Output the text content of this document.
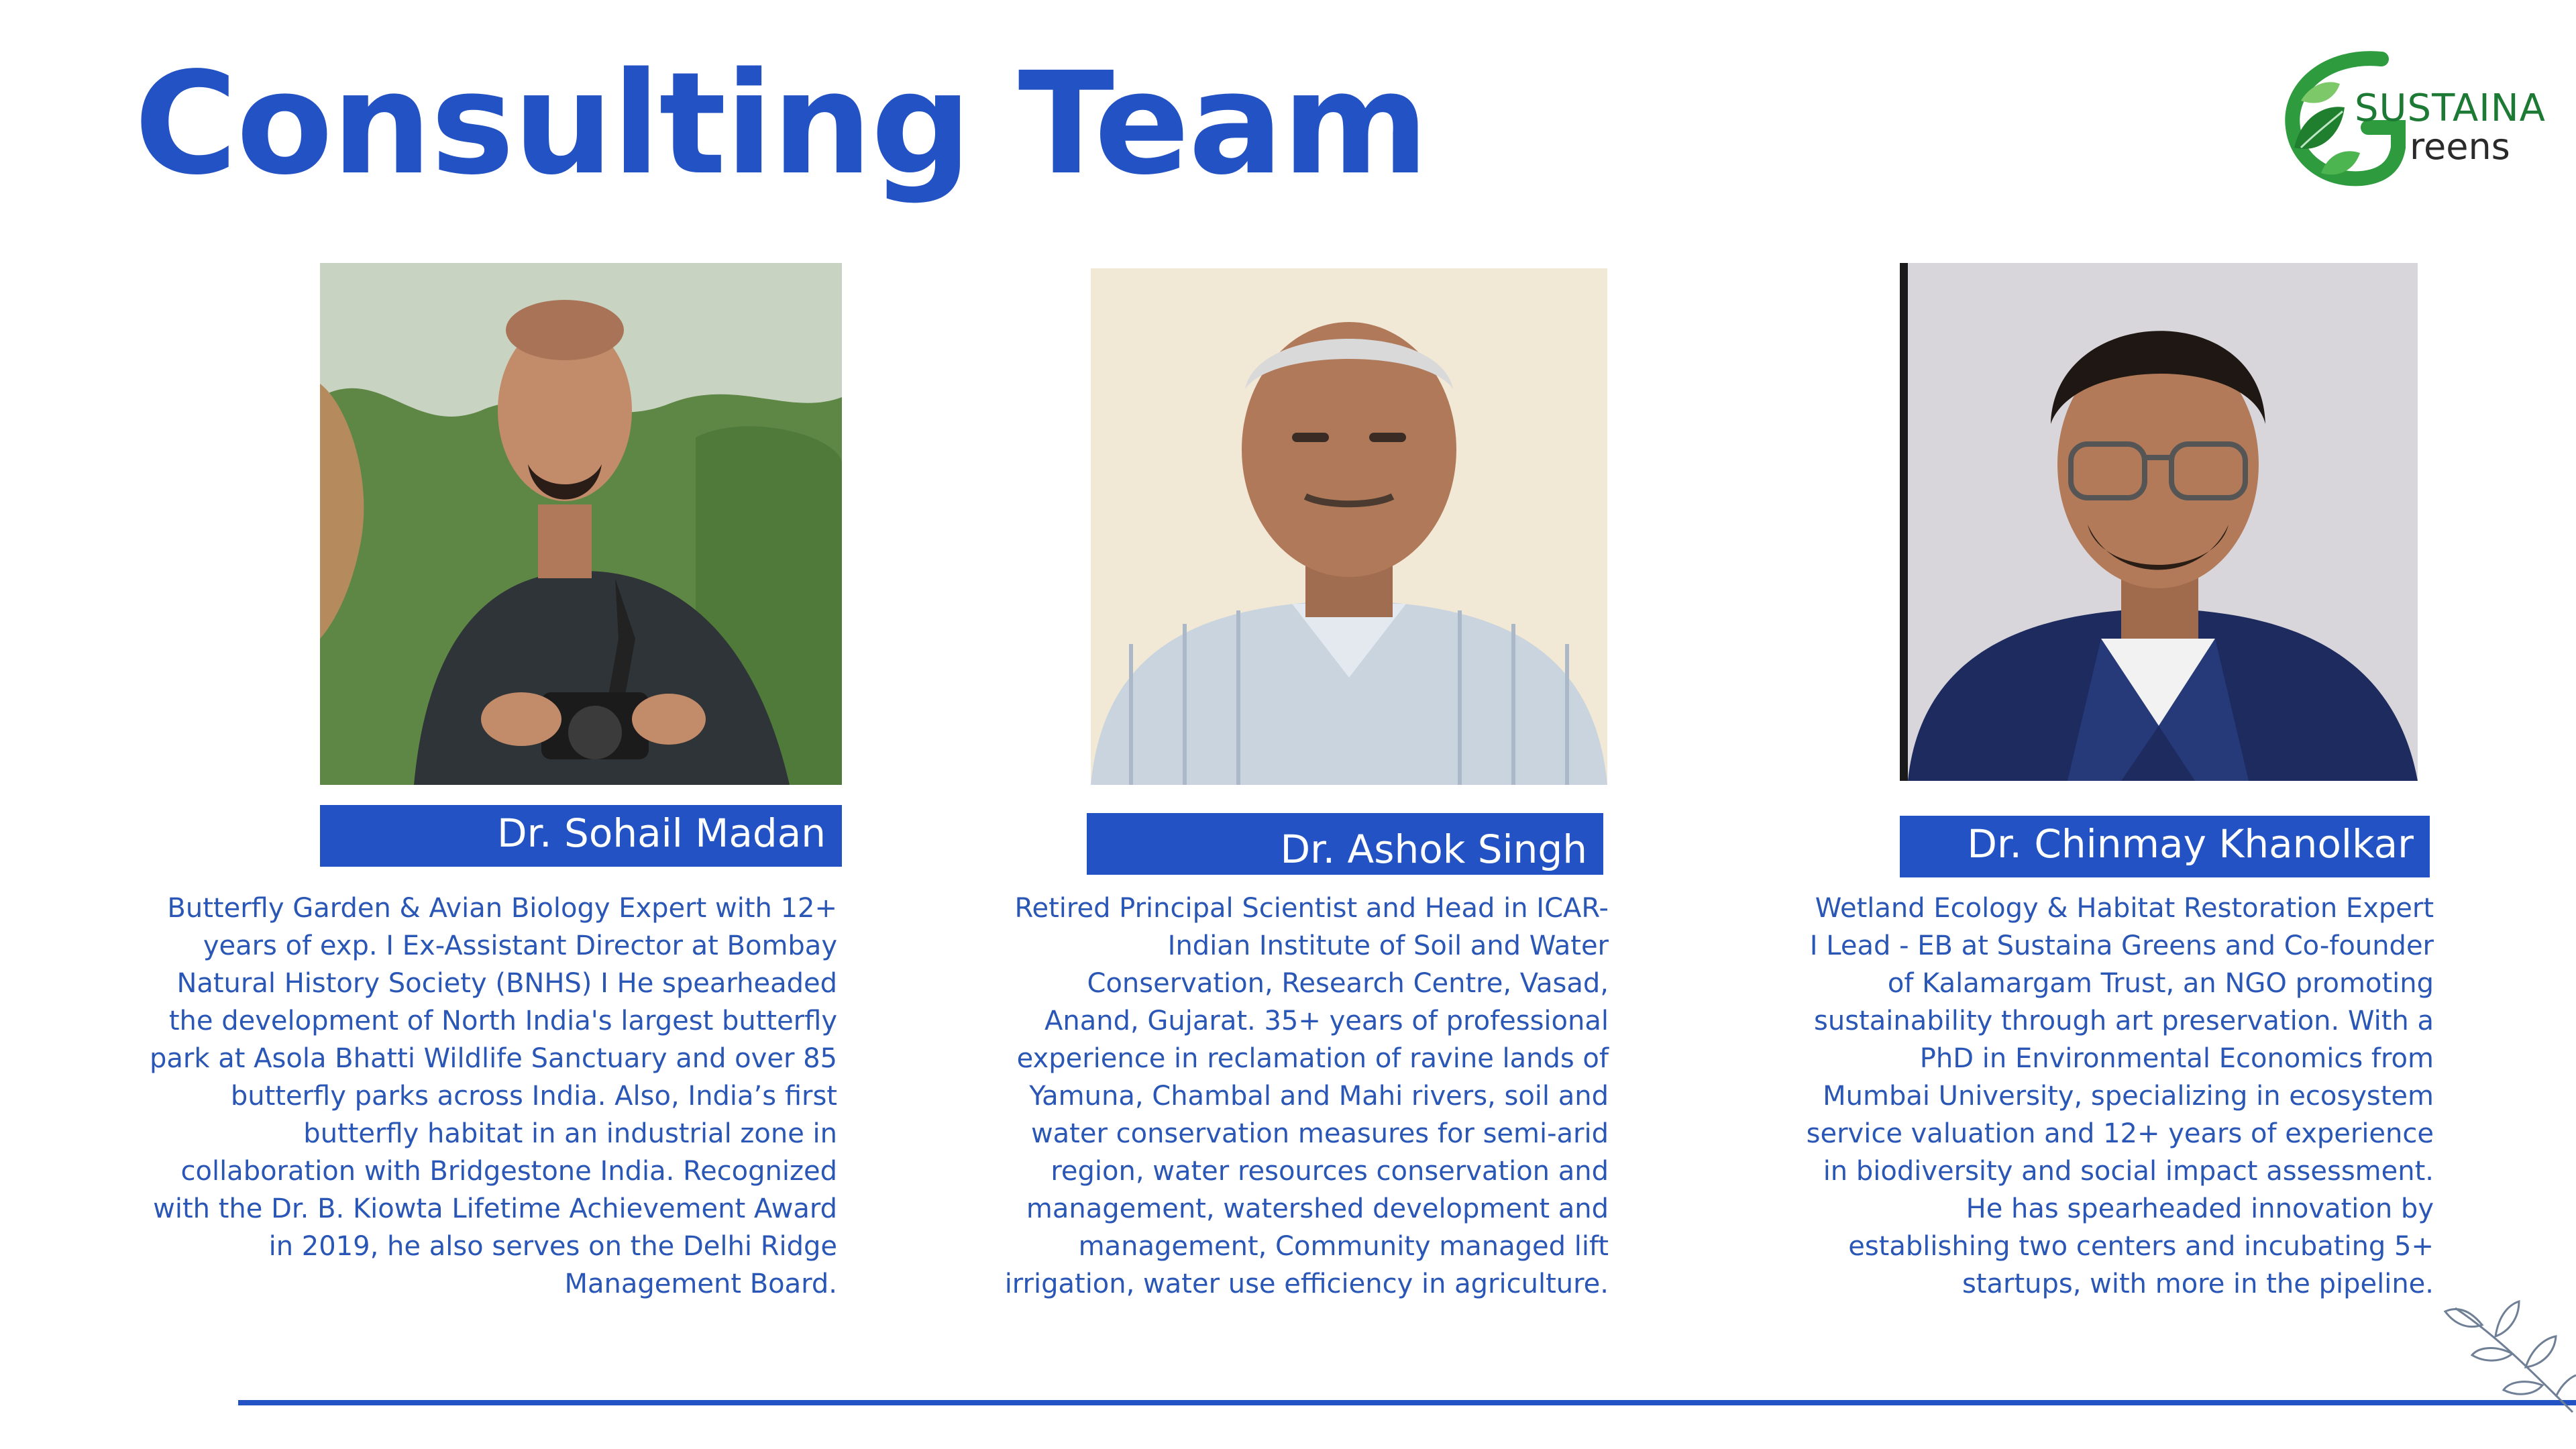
Consulting Team	SUSTAINA
reens
Dr. Sohail Madan
Butterfly Garden & Avian Biology Expert with 12+
years of exp. I Ex-Assistant Director at Bombay
Natural History Society (BNHS) I He spearheaded
the development of North India's largest butterfly
park at Asola Bhatti Wildlife Sanctuary and over 85
butterfly parks across India. Also, India’s first
butterfly habitat in an industrial zone in
collaboration with Bridgestone India. Recognized
with the Dr. B. Kiowta Lifetime Achievement Award
in 2019, he also serves on the Delhi Ridge
Management Board.
Dr. Ashok Singh
Retired Principal Scientist and Head in ICAR-
Indian Institute of Soil and Water
Conservation, Research Centre, Vasad,
Anand, Gujarat. 35+ years of professional
experience in reclamation of ravine lands of
Yamuna, Chambal and Mahi rivers, soil and
water conservation measures for semi-arid
region, water resources conservation and
management, watershed development and
management, Community managed lift
irrigation, water use efficiency in agriculture.
Dr. Chinmay Khanolkar
Wetland Ecology & Habitat Restoration Expert
I Lead - EB at Sustaina Greens and Co-founder
of Kalamargam Trust, an NGO promoting
sustainability through art preservation. With a
PhD in Environmental Economics from
Mumbai University, specializing in ecosystem
service valuation and 12+ years of experience
in biodiversity and social impact assessment.
He has spearheaded innovation by
establishing two centers and incubating 5+
startups, with more in the pipeline.
